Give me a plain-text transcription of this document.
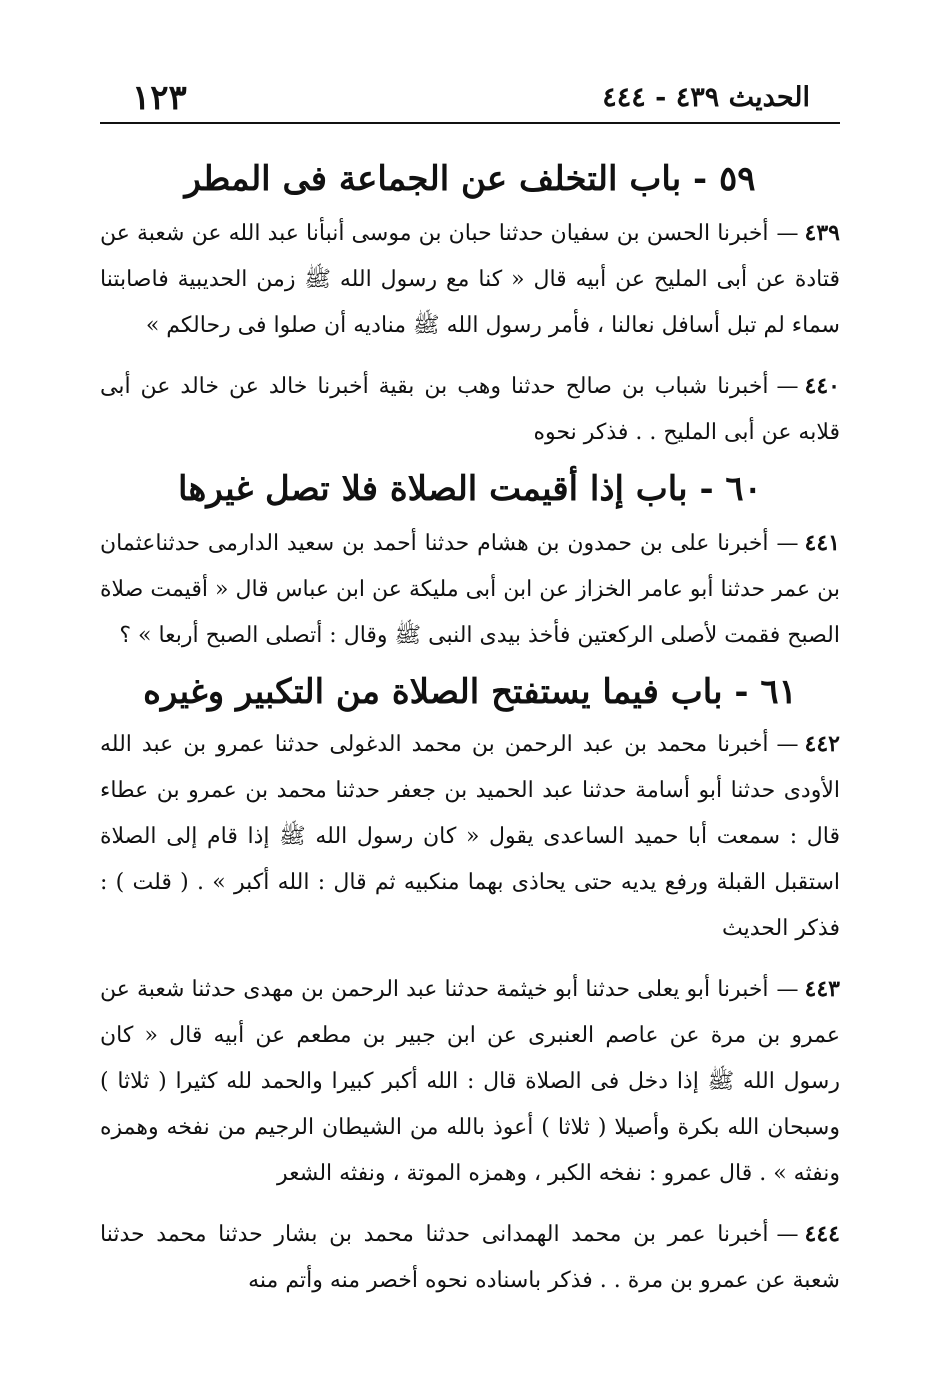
الحديث ٤٣٩ - ٤٤٤
١٢٣
٥٩ - باب التخلف عن الجماعة فى المطر

٤٣٩—أخبرنا الحسن بن سفيان حدثنا حبان بن موسى أنبأنا عبد الله عن شعبة عن قتادة عن أبى المليح عن أبيه قال « كنا مع رسول الله ﷺ زمن الحديبية فاصابتنا سماء لم تبل أسافل نعالنا ، فأمر رسول الله ﷺ مناديه أن صلوا فى رحالكم »

٤٤٠—أخبرنا شباب بن صالح حدثنا وهب بن بقية أخبرنا خالد عن خالد عن أبى قلابه عن أبى المليح . . فذكر نحوه

٦٠ - باب إذا أقيمت الصلاة فلا تصل غيرها

٤٤١—أخبرنا على بن حمدون بن هشام حدثنا أحمد بن سعيد الدارمى حدثناعثمان بن عمر حدثنا أبو عامر الخزاز عن ابن أبى مليكة عن ابن عباس قال « أقيمت صلاة الصبح فقمت لأصلى الركعتين فأخذ بيدى النبى ﷺ وقال : أتصلى الصبح أربعا » ؟

٦١ - باب فيما يستفتح الصلاة من التكبير وغيره

٤٤٢—أخبرنا محمد بن عبد الرحمن بن محمد الدغولى حدثنا عمرو بن عبد الله الأودى حدثنا أبو أسامة حدثنا عبد الحميد بن جعفر حدثنا محمد بن عمرو بن عطاء قال : سمعت أبا حميد الساعدى يقول « كان رسول الله ﷺ إذا قام إلى الصلاة استقبل القبلة ورفع يديه حتى يحاذى بهما منكبيه ثم قال : الله أكبر » . ( قلت ) : فذكر الحديث

٤٤٣—أخبرنا أبو يعلى حدثنا أبو خيثمة حدثنا عبد الرحمن بن مهدى حدثنا شعبة عن عمرو بن مرة عن عاصم العنبرى عن ابن جبير بن مطعم عن أبيه قال « كان رسول الله ﷺ إذا دخل فى الصلاة قال : الله أكبر كبيرا والحمد لله كثيرا ( ثلاثا ) وسبحان الله بكرة وأصيلا ( ثلاثا ) أعوذ بالله من الشيطان الرجيم من نفخه وهمزه ونفثه » . قال عمرو : نفخه الكبر ، وهمزه الموتة ، ونفثه الشعر

٤٤٤—أخبرنا عمر بن محمد الهمدانى حدثنا محمد بن بشار حدثنا محمد حدثنا شعبة عن عمرو بن مرة . . فذكر باسناده نحوه أخصر منه وأتم منه
